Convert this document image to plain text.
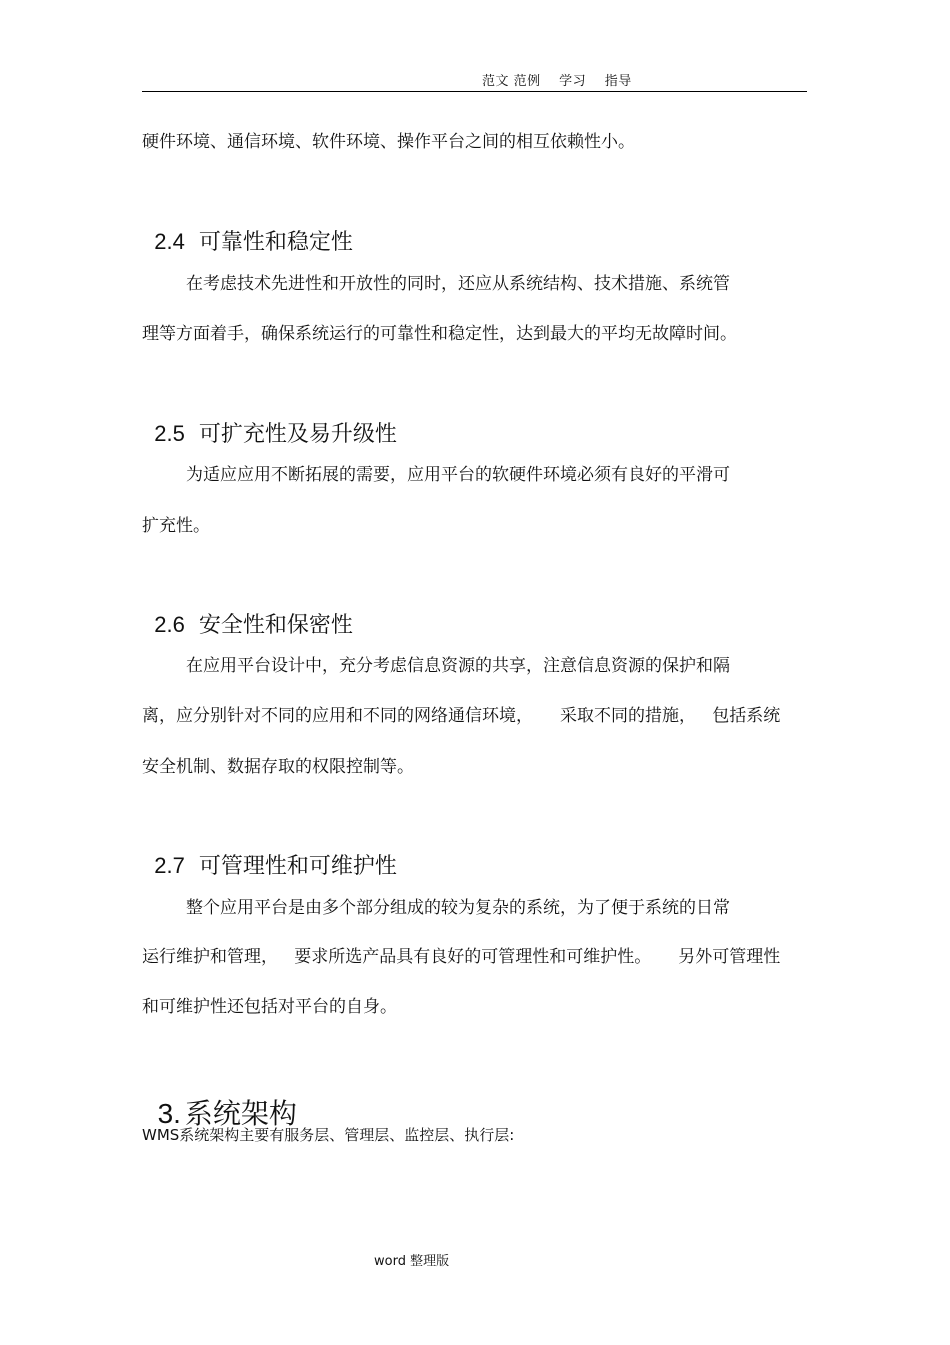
范文 范例    学习    指导
硬件环境、通信环境、软件环境、操作平台之间的相互依赖性小。

2.4 可靠性和稳定性

在考虑技术先进性和开放性的同时，还应从系统结构、技术措施、系统管
理等方面着手，确保系统运行的可靠性和稳定性，达到最大的平均无故障时间。

2.5 可扩充性及易升级性

为适应应用不断拓展的需要，应用平台的软硬件环境必须有良好的平滑可
扩充性。

2.6 安全性和保密性

在应用平台设计中，充分考虑信息资源的共享，注意信息资源的保护和隔
离，应分别针对不同的应用和不同的网络通信环境，     采取不同的措施，   包括系统
安全机制、数据存取的权限控制等。

2.7 可管理性和可维护性

整个应用平台是由多个部分组成的较为复杂的系统，为了便于系统的日常
运行维护和管理，   要求所选产品具有良好的可管理性和可维护性。     另外可管理性
和可维护性还包括对平台的自身。

3. 系统架构

WMS系统架构主要有服务层、管理层、监控层、执行层:
word 整理版
